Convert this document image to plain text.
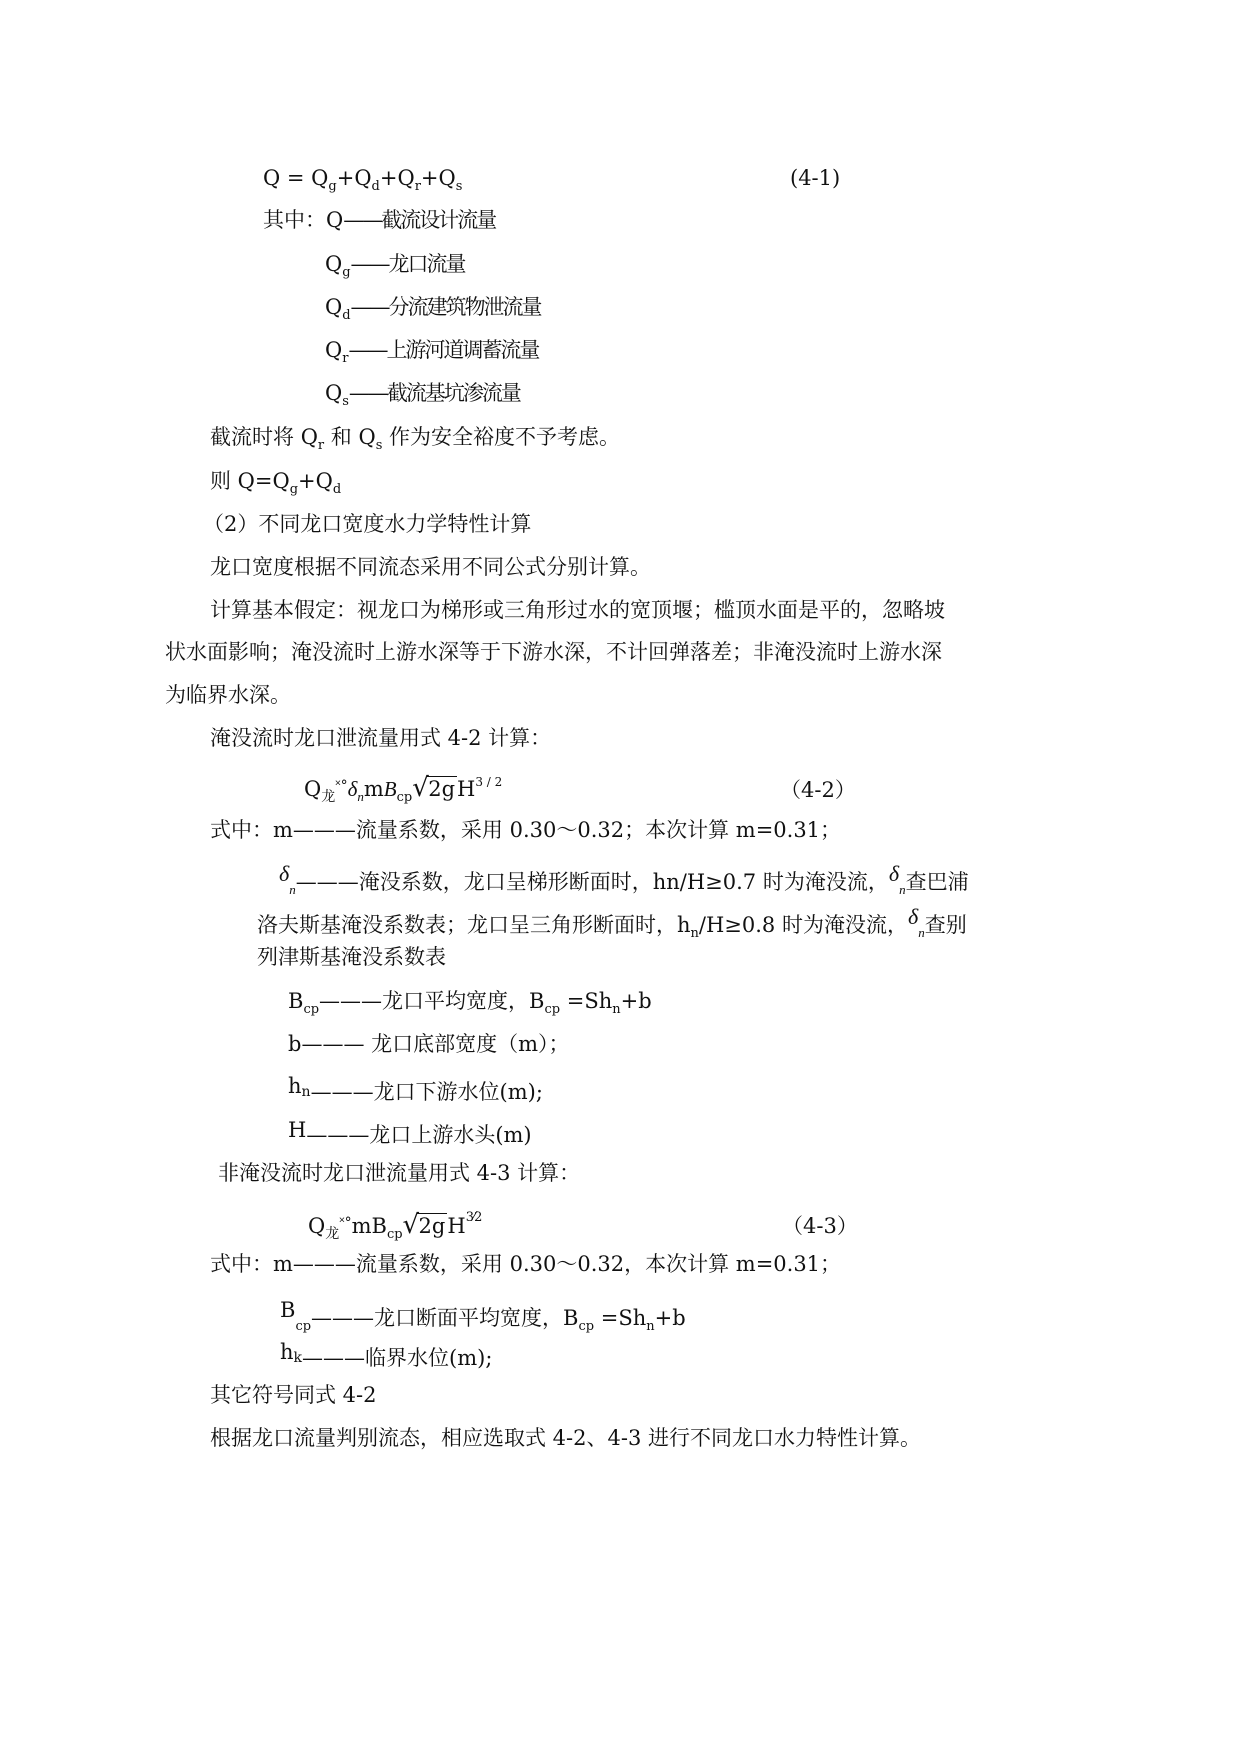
$Q = Q_g+Q_d+Q_r+Q_s$	(4-1)
其中：Q——截流设计流量
$Q_g——$龙口流量
$Q_d——$分流建筑物泄流量
$Q_r——$上游河道调蓄流量
$Q_s——$截流基坑渗流量
截流时将 $Q_r$ 和 $Q_s$ 作为安全裕度不予考虑。
则 $Q=Q_g+Q_d$
（2）不同龙口宽度水力学特性计算
龙口宽度根据不同流态采用不同公式分别计算。
计算基本假定：视龙口为梯形或三角形过水的宽顶堰；槛顶水面是平的，忽略坡
状水面影响；淹没流时上游水深等于下游水深，不计回弹落差；非淹没流时上游水深
为临界水深。
淹没流时龙口泄流量用式 4-2 计算：
$Q_龙^{˟^\circ}\delta_nmB_{cp}$ √ $2gH^{3 / 2}$	（4-2）
式中：m———流量系数，采用 0.30～0.32；本次计算 m=0.31；
$\delta_n———$淹没系数，龙口呈梯形断面时，hn/H≥0.7 时为淹没流，$\delta_n$查巴浦
洛夫斯基淹没系数表；龙口呈三角形断面时，$h_n/H\ge 0.8$ 时为淹没流，$\delta_n$查别
列津斯基淹没系数表
$B_{cp}———$龙口平均宽度，$B_{cp} =Sh_n+b$
b——— 龙口底部宽度（m）；
hn———龙口下游水位(m);
H———龙口上游水头(m)
非淹没流时龙口泄流量用式 4-3 计算：
$Q_龙^{˟^\circ}mB_{cp}$ √ $2gH^{3⁄2}$	（4-3）
式中：m———流量系数，采用 0.30～0.32，本次计算 m=0.31；
$B_{cp}———$龙口断面平均宽度，$B_{cp} =Sh_n+b$
hk———临界水位(m);
其它符号同式 4-2
根据龙口流量判别流态，相应选取式 4-2、4-3 进行不同龙口水力特性计算。
